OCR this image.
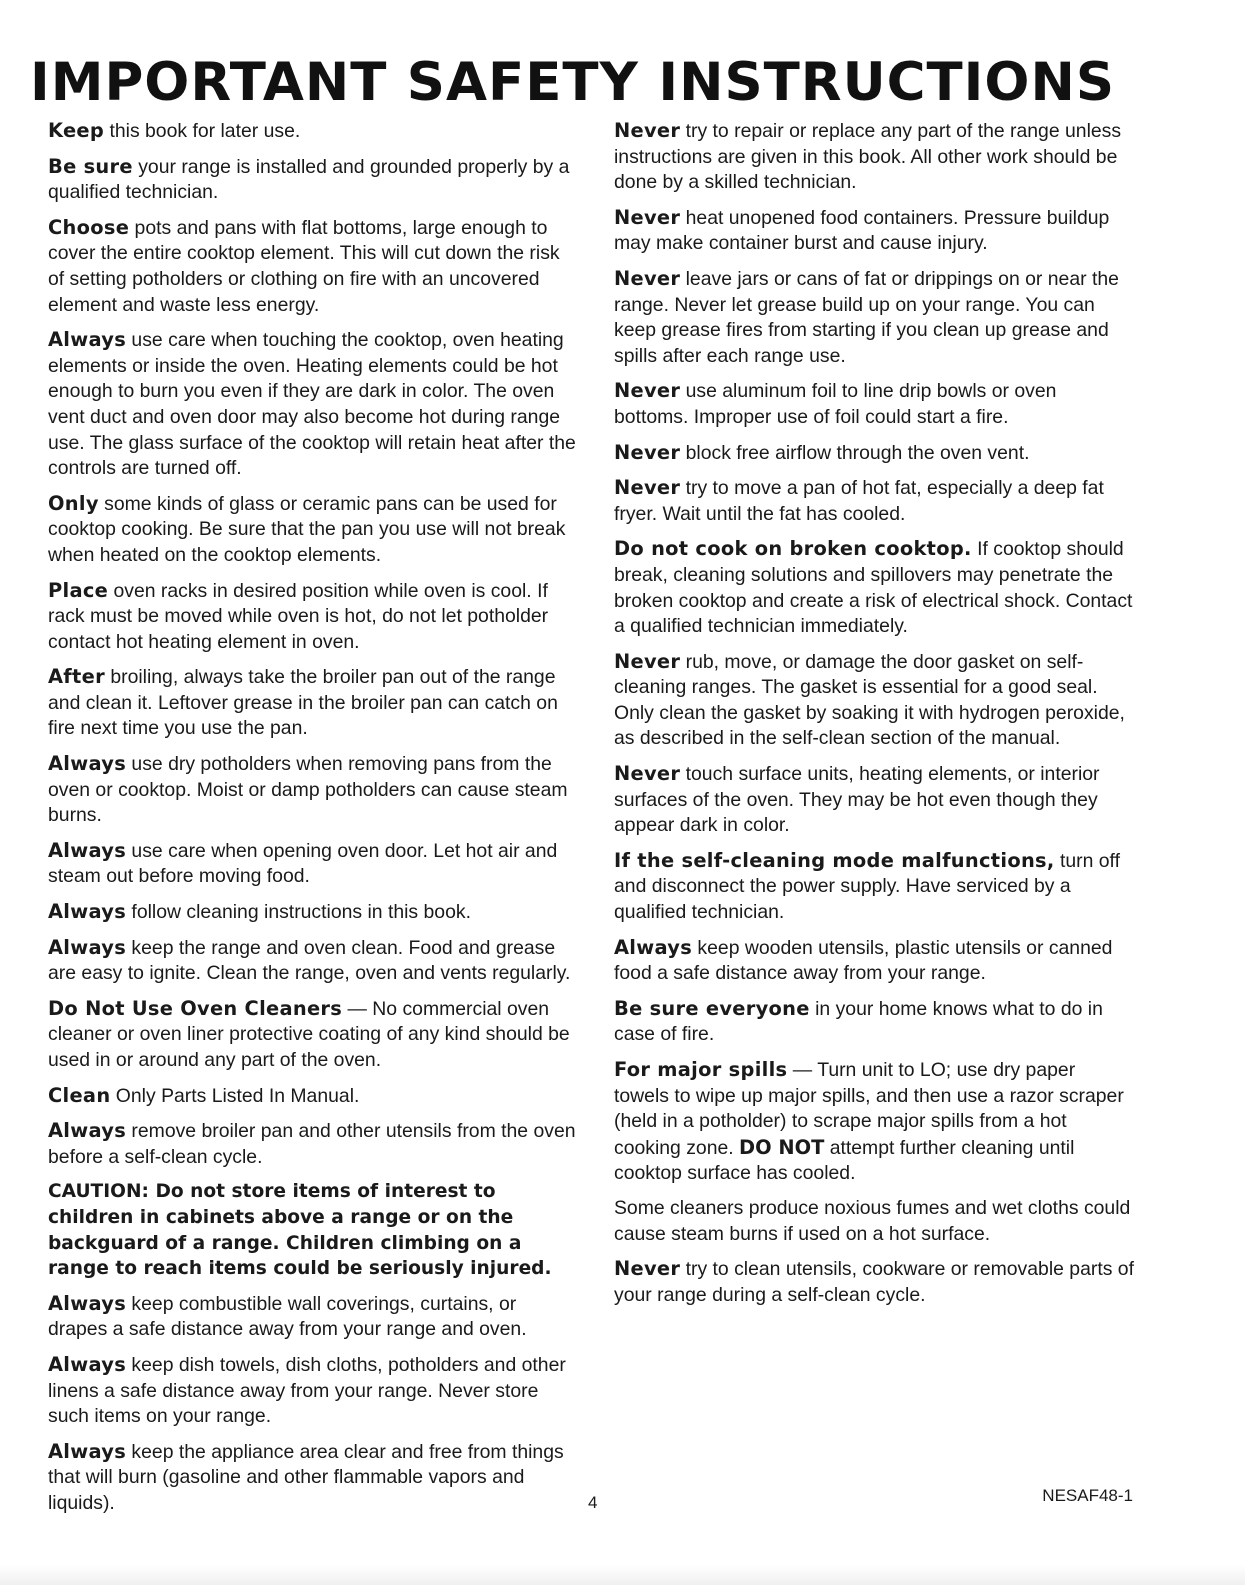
IMPORTANT SAFETY INSTRUCTIONS

Keep this book for later use.

Be sure your range is installed and grounded properly by a qualified technician.

Choose pots and pans with flat bottoms, large enough to cover the entire cooktop element. This will cut down the risk of setting potholders or clothing on fire with an uncovered element and waste less energy.

Always use care when touching the cooktop, oven heating elements or inside the oven. Heating elements could be hot enough to burn you even if they are dark in color. The oven vent duct and oven door may also become hot during range use. The glass surface of the cooktop will retain heat after the controls are turned off.

Only some kinds of glass or ceramic pans can be used for cooktop cooking. Be sure that the pan you use will not break when heated on the cooktop elements.

Place oven racks in desired position while oven is cool. If rack must be moved while oven is hot, do not let potholder contact hot heating element in oven.

After broiling, always take the broiler pan out of the range and clean it. Leftover grease in the broiler pan can catch on fire next time you use the pan.

Always use dry potholders when removing pans from the oven or cooktop. Moist or damp potholders can cause steam burns.

Always use care when opening oven door. Let hot air and steam out before moving food.

Always follow cleaning instructions in this book.

Always keep the range and oven clean. Food and grease are easy to ignite. Clean the range, oven and vents regularly.

Do Not Use Oven Cleaners — No commercial oven cleaner or oven liner protective coating of any kind should be used in or around any part of the oven.

Clean Only Parts Listed In Manual.

Always remove broiler pan and other utensils from the oven before a self-clean cycle.

CAUTION: Do not store items of interest to children in cabinets above a range or on the backguard of a range. Children climbing on a range to reach items could be seriously injured.

Always keep combustible wall coverings, curtains, or drapes a safe distance away from your range and oven.

Always keep dish towels, dish cloths, potholders and other linens a safe distance away from your range. Never store such items on your range.

Always keep the appliance area clear and free from things that will burn (gasoline and other flammable vapors and liquids).

Never try to repair or replace any part of the range unless instructions are given in this book. All other work should be done by a skilled technician.

Never heat unopened food containers. Pressure buildup may make container burst and cause injury.

Never leave jars or cans of fat or drippings on or near the range. Never let grease build up on your range. You can keep grease fires from starting if you clean up grease and spills after each range use.

Never use aluminum foil to line drip bowls or oven bottoms. Improper use of foil could start a fire.

Never block free airflow through the oven vent.

Never try to move a pan of hot fat, especially a deep fat fryer. Wait until the fat has cooled.

Do not cook on broken cooktop. If cooktop should break, cleaning solutions and spillovers may penetrate the broken cooktop and create a risk of electrical shock. Contact a qualified technician immediately.

Never rub, move, or damage the door gasket on self-cleaning ranges. The gasket is essential for a good seal. Only clean the gasket by soaking it with hydrogen peroxide, as described in the self-clean section of the manual.

Never touch surface units, heating elements, or interior surfaces of the oven. They may be hot even though they appear dark in color.

If the self-cleaning mode malfunctions, turn off and disconnect the power supply. Have serviced by a qualified technician.

Always keep wooden utensils, plastic utensils or canned food a safe distance away from your range.

Be sure everyone in your home knows what to do in case of fire.

For major spills — Turn unit to LO; use dry paper towels to wipe up major spills, and then use a razor scraper (held in a potholder) to scrape major spills from a hot cooking zone. DO NOT attempt further cleaning until cooktop surface has cooled.

Some cleaners produce noxious fumes and wet cloths could cause steam burns if used on a hot surface.

Never try to clean utensils, cookware or removable parts of your range during a self-clean cycle.

4	NESAF48-1
